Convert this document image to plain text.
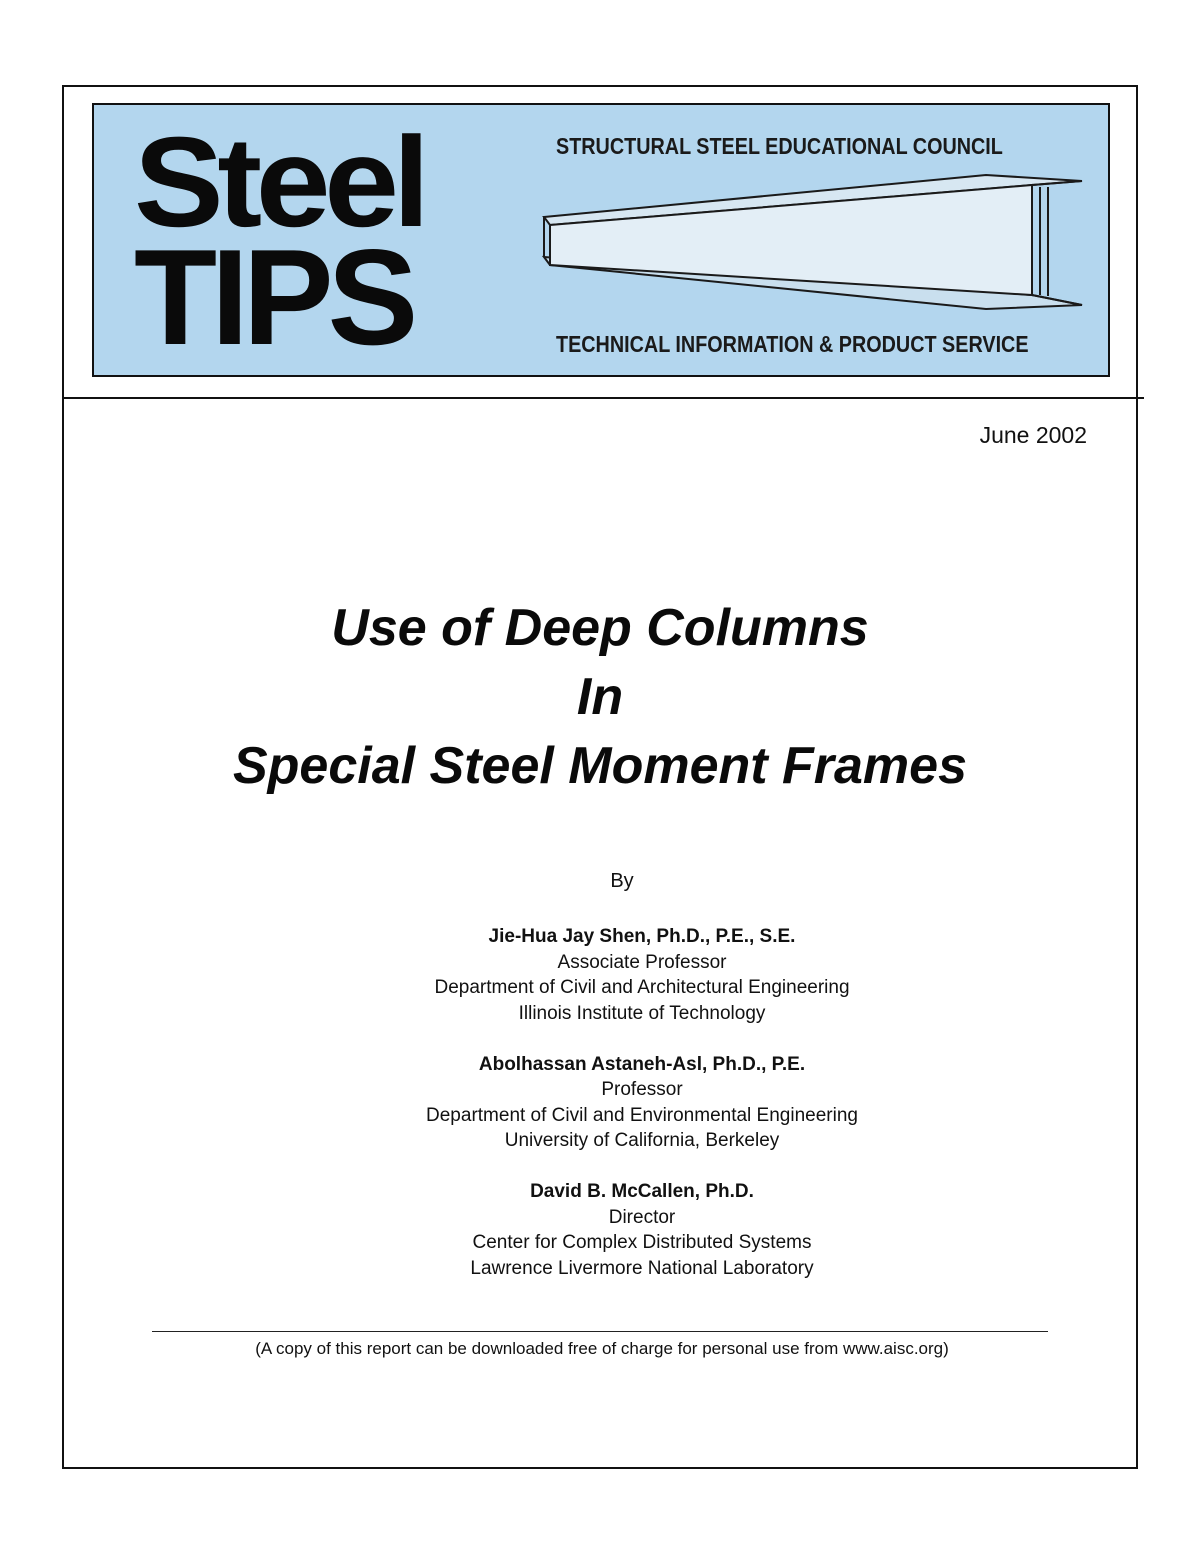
Steel
TIPS
STRUCTURAL STEEL EDUCATIONAL COUNCIL
TECHNICAL INFORMATION & PRODUCT SERVICE
June 2002
Use of Deep Columns
In
Special Steel Moment Frames
By
Jie-Hua Jay Shen, Ph.D., P.E., S.E.
Associate Professor
Department of Civil and Architectural Engineering
Illinois Institute of Technology
Abolhassan Astaneh-Asl, Ph.D., P.E.
Professor
Department of Civil and Environmental Engineering
University of California, Berkeley
David B. McCallen, Ph.D.
Director
Center for Complex Distributed Systems
Lawrence Livermore National Laboratory
(A copy of this report can be downloaded free of charge for personal use from www.aisc.org)
